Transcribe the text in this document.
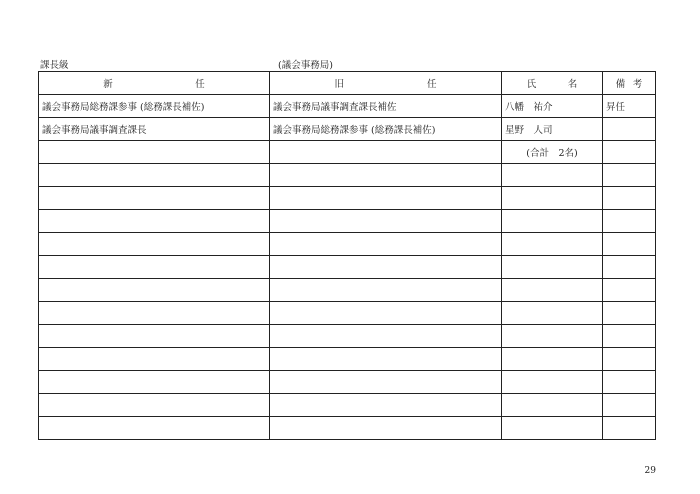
課長級	(議会事務局)
新 任	旧 任	氏 名	備 考

議会事務局総務課参事 (総務課長補佐)	議会事務局議事調査課長補佐	八幡　祐介	昇任
議会事務局議事調査課長	議会事務局総務課参事 (総務課長補佐)	星野　人司	
		(合計　2名)	

29
